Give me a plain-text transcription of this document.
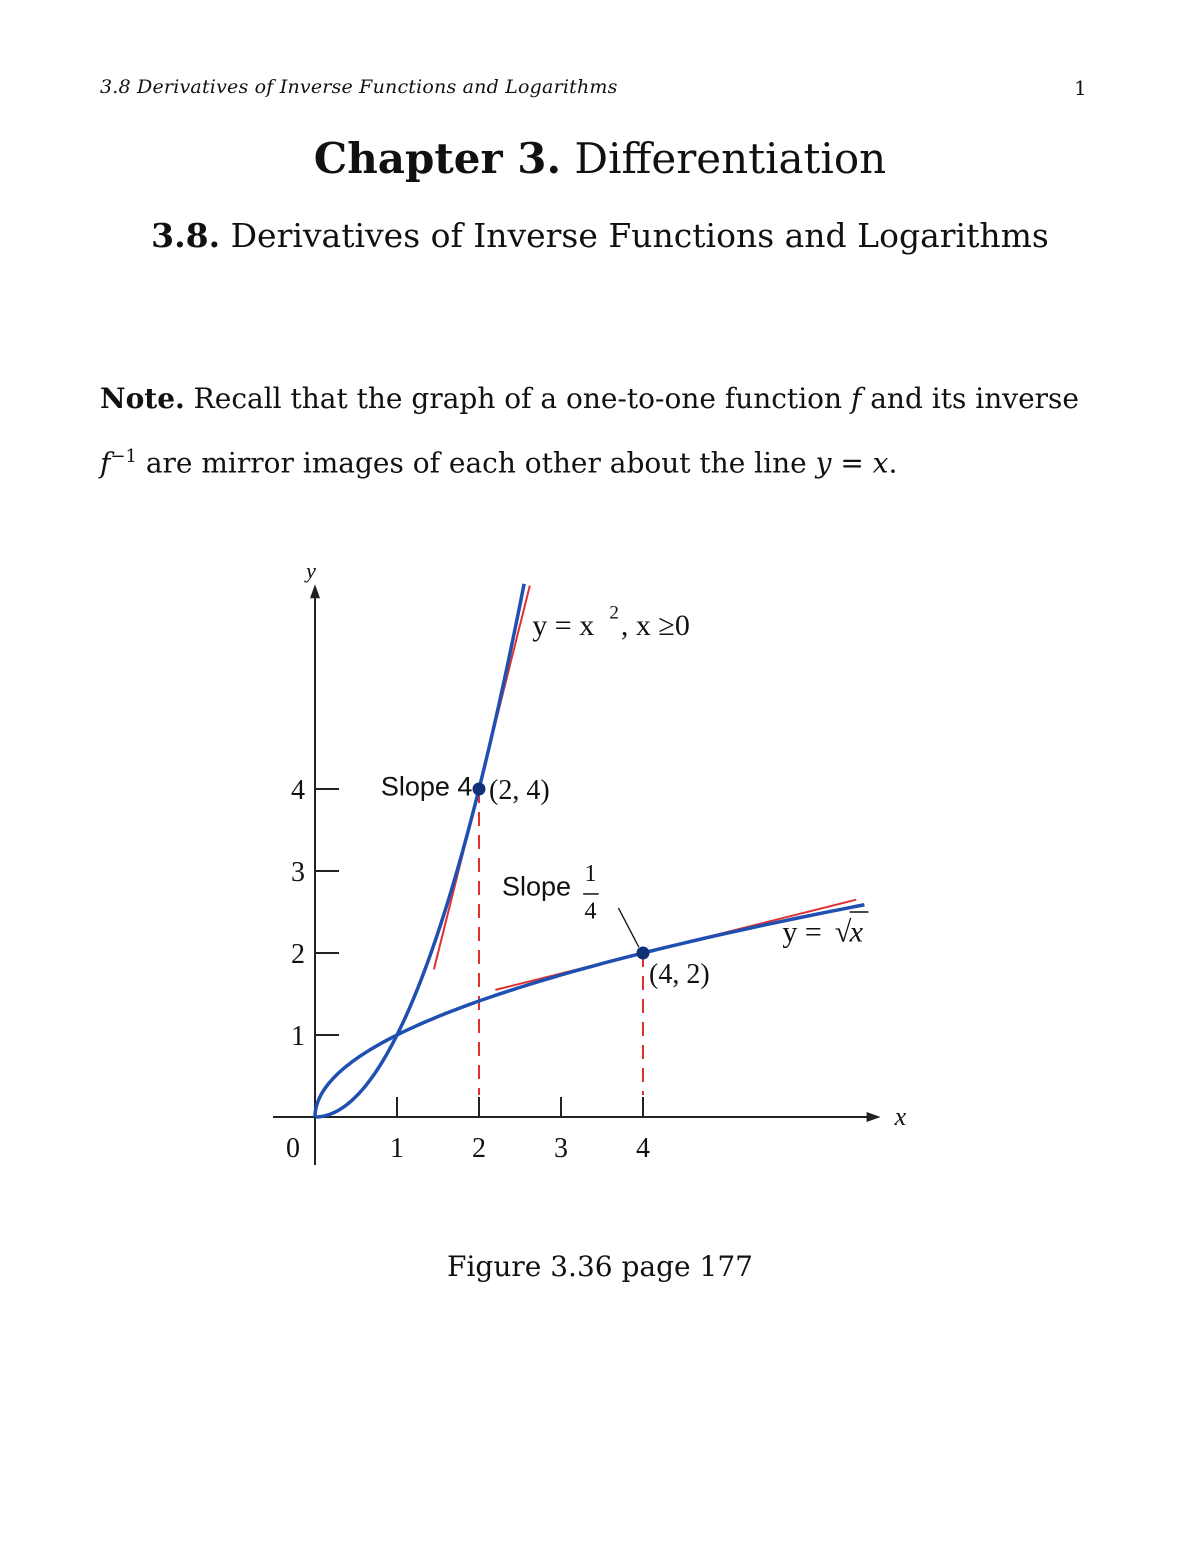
3.8 Derivatives of Inverse Functions and Logarithms	1
Chapter 3. Differentiation
3.8. Derivatives of Inverse Functions and Logarithms
Note. Recall that the graph of a one-to-one function f and its inverse
$f^{-1}$ are mirror images of each other about the line y = x.
x
y
0	1 2 3 4
1
2
3
4	(2, 4)
(4, 2)
y = x 2 , x ≥0
y = √
x
Slope 4
Slope 1
4
Figure 3.36 page 177
